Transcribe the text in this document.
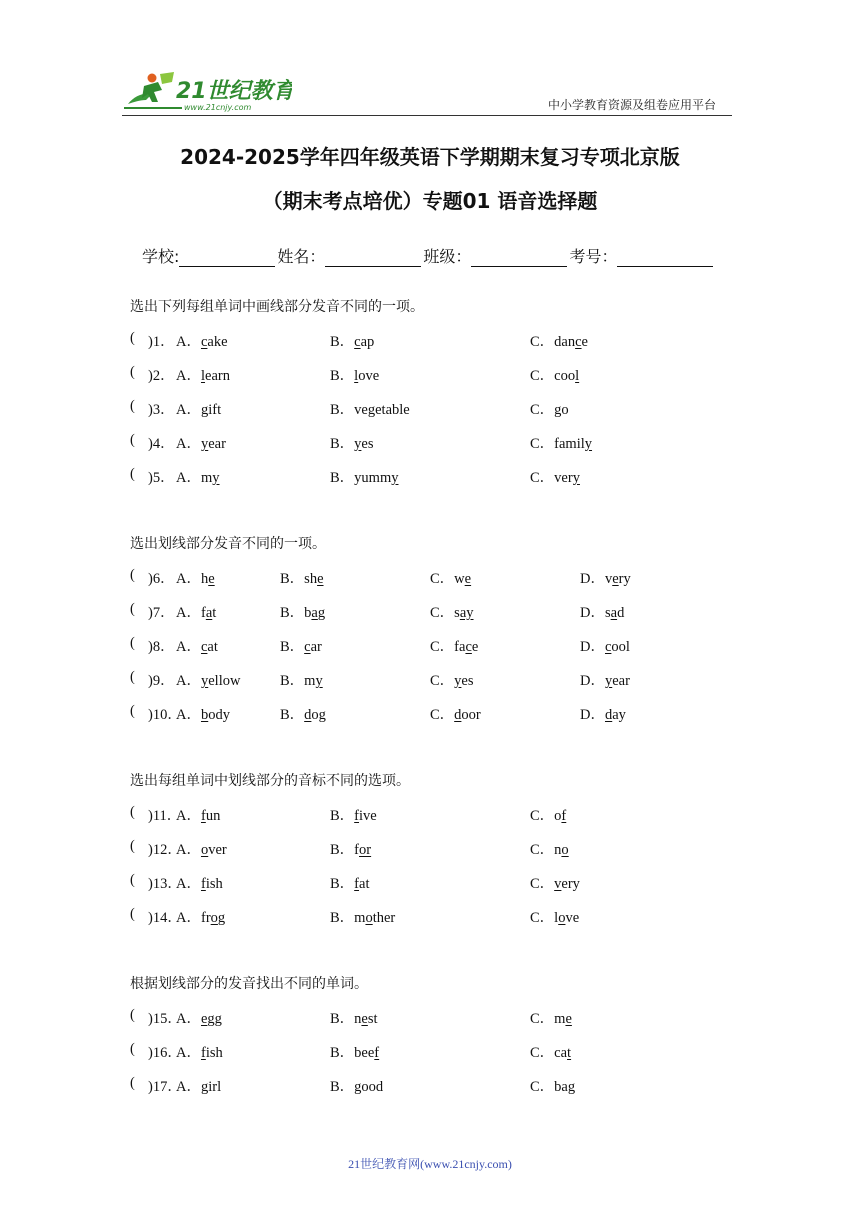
21世纪教育
www.21cnjy.com	中小学教育资源及组卷应用平台
2024-2025学年四年级英语下学期期末复习专项北京版
（期末考点培优）专题01 语音选择题
学校:	姓名：	班级：	考号：
选出下列每组单词中画线部分发音不同的一项。
( )1． A．cake	B．cap	C．dance
( )2． A．learn	B．love	C．cool
( )3． A．gift	B．vegetable	C．go
( )4． A．year	B．yes	C．family
( )5． A．my	B．yummy	C．very
选出划线部分发音不同的一项。
( )6． A．he	B．she	C．we	D．very
( )7． A．fat	B．bag	C．say	D．sad
( )8． A．cat	B．car	C．face	D．cool
( )9． A．yellow	B．my	C．yes	D．year
( )10．
A．body	B．dog	C．door	D．day
选出每组单词中划线部分的音标不同的选项。
( )11．
A．fun	B．five	C．of
( )12．
A．over	B．for	C．no
( )13．
A．fish	B．fat	C．very
( )14．
A．frog	B．mother	C．love
根据划线部分的发音找出不同的单词。
( )15．
A．egg	B．nest	C．me
( )16．
A．fish	B．beef	C．cat
( )17．
A．girl	B．good	C．bag
21世纪教育网(www.21cnjy.com)
